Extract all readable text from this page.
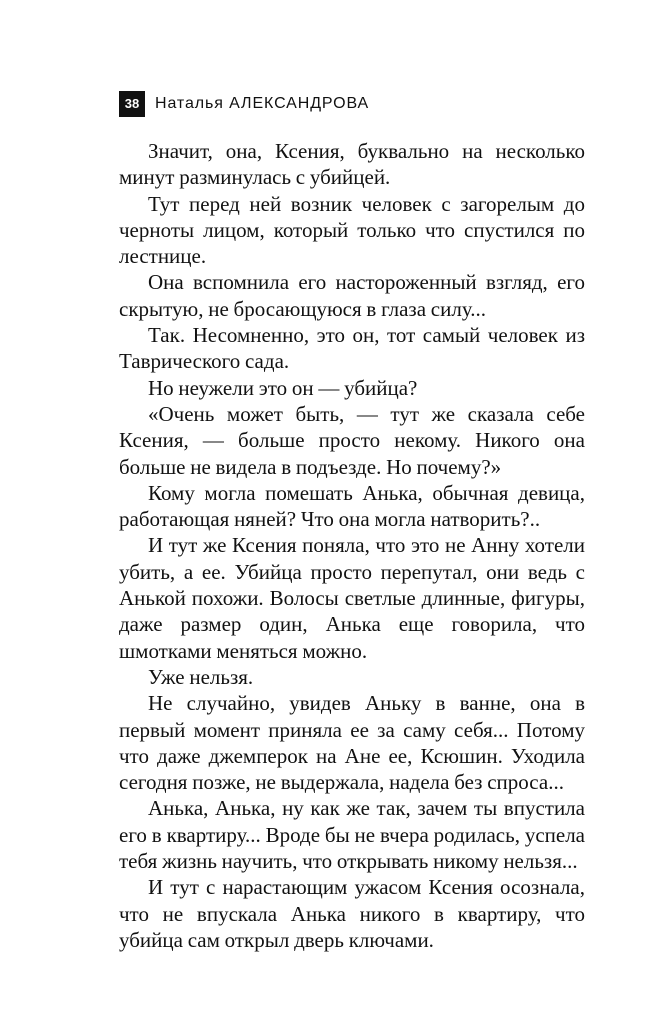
38 Наталья АЛЕКСАНДРОВА

Значит, она, Ксения, буквально на несколько минут разминулась с убийцей.

Тут перед ней возник человек с загорелым до черноты лицом, который только что спустился по лестнице.

Она вспомнила его настороженный взгляд, его скрытую, не бросающуюся в глаза силу...

Так. Несомненно, это он, тот самый человек из Таврического сада.

Но неужели это он — убийца?

«Очень может быть, — тут же сказала себе Ксения, — больше просто некому. Никого она больше не видела в подъезде. Но почему?»

Кому могла помешать Анька, обычная девица, работающая няней? Что она могла натворить?..

И тут же Ксения поняла, что это не Анну хотели убить, а ее. Убийца просто перепутал, они ведь с Анькой похожи. Волосы светлые длинные, фигуры, даже размер один, Анька еще говорила, что шмотками меняться можно.

Уже нельзя.

Не случайно, увидев Аньку в ванне, она в первый момент приняла ее за саму себя... Потому что даже джемперок на Ане ее, Ксюшин. Уходила сегодня позже, не выдержала, надела без спроса...

Анька, Анька, ну как же так, зачем ты впустила его в квартиру... Вроде бы не вчера родилась, успела тебя жизнь научить, что открывать никому нельзя...

И тут с нарастающим ужасом Ксения осознала, что не впускала Анька никого в квартиру, что убийца сам открыл дверь ключами.
